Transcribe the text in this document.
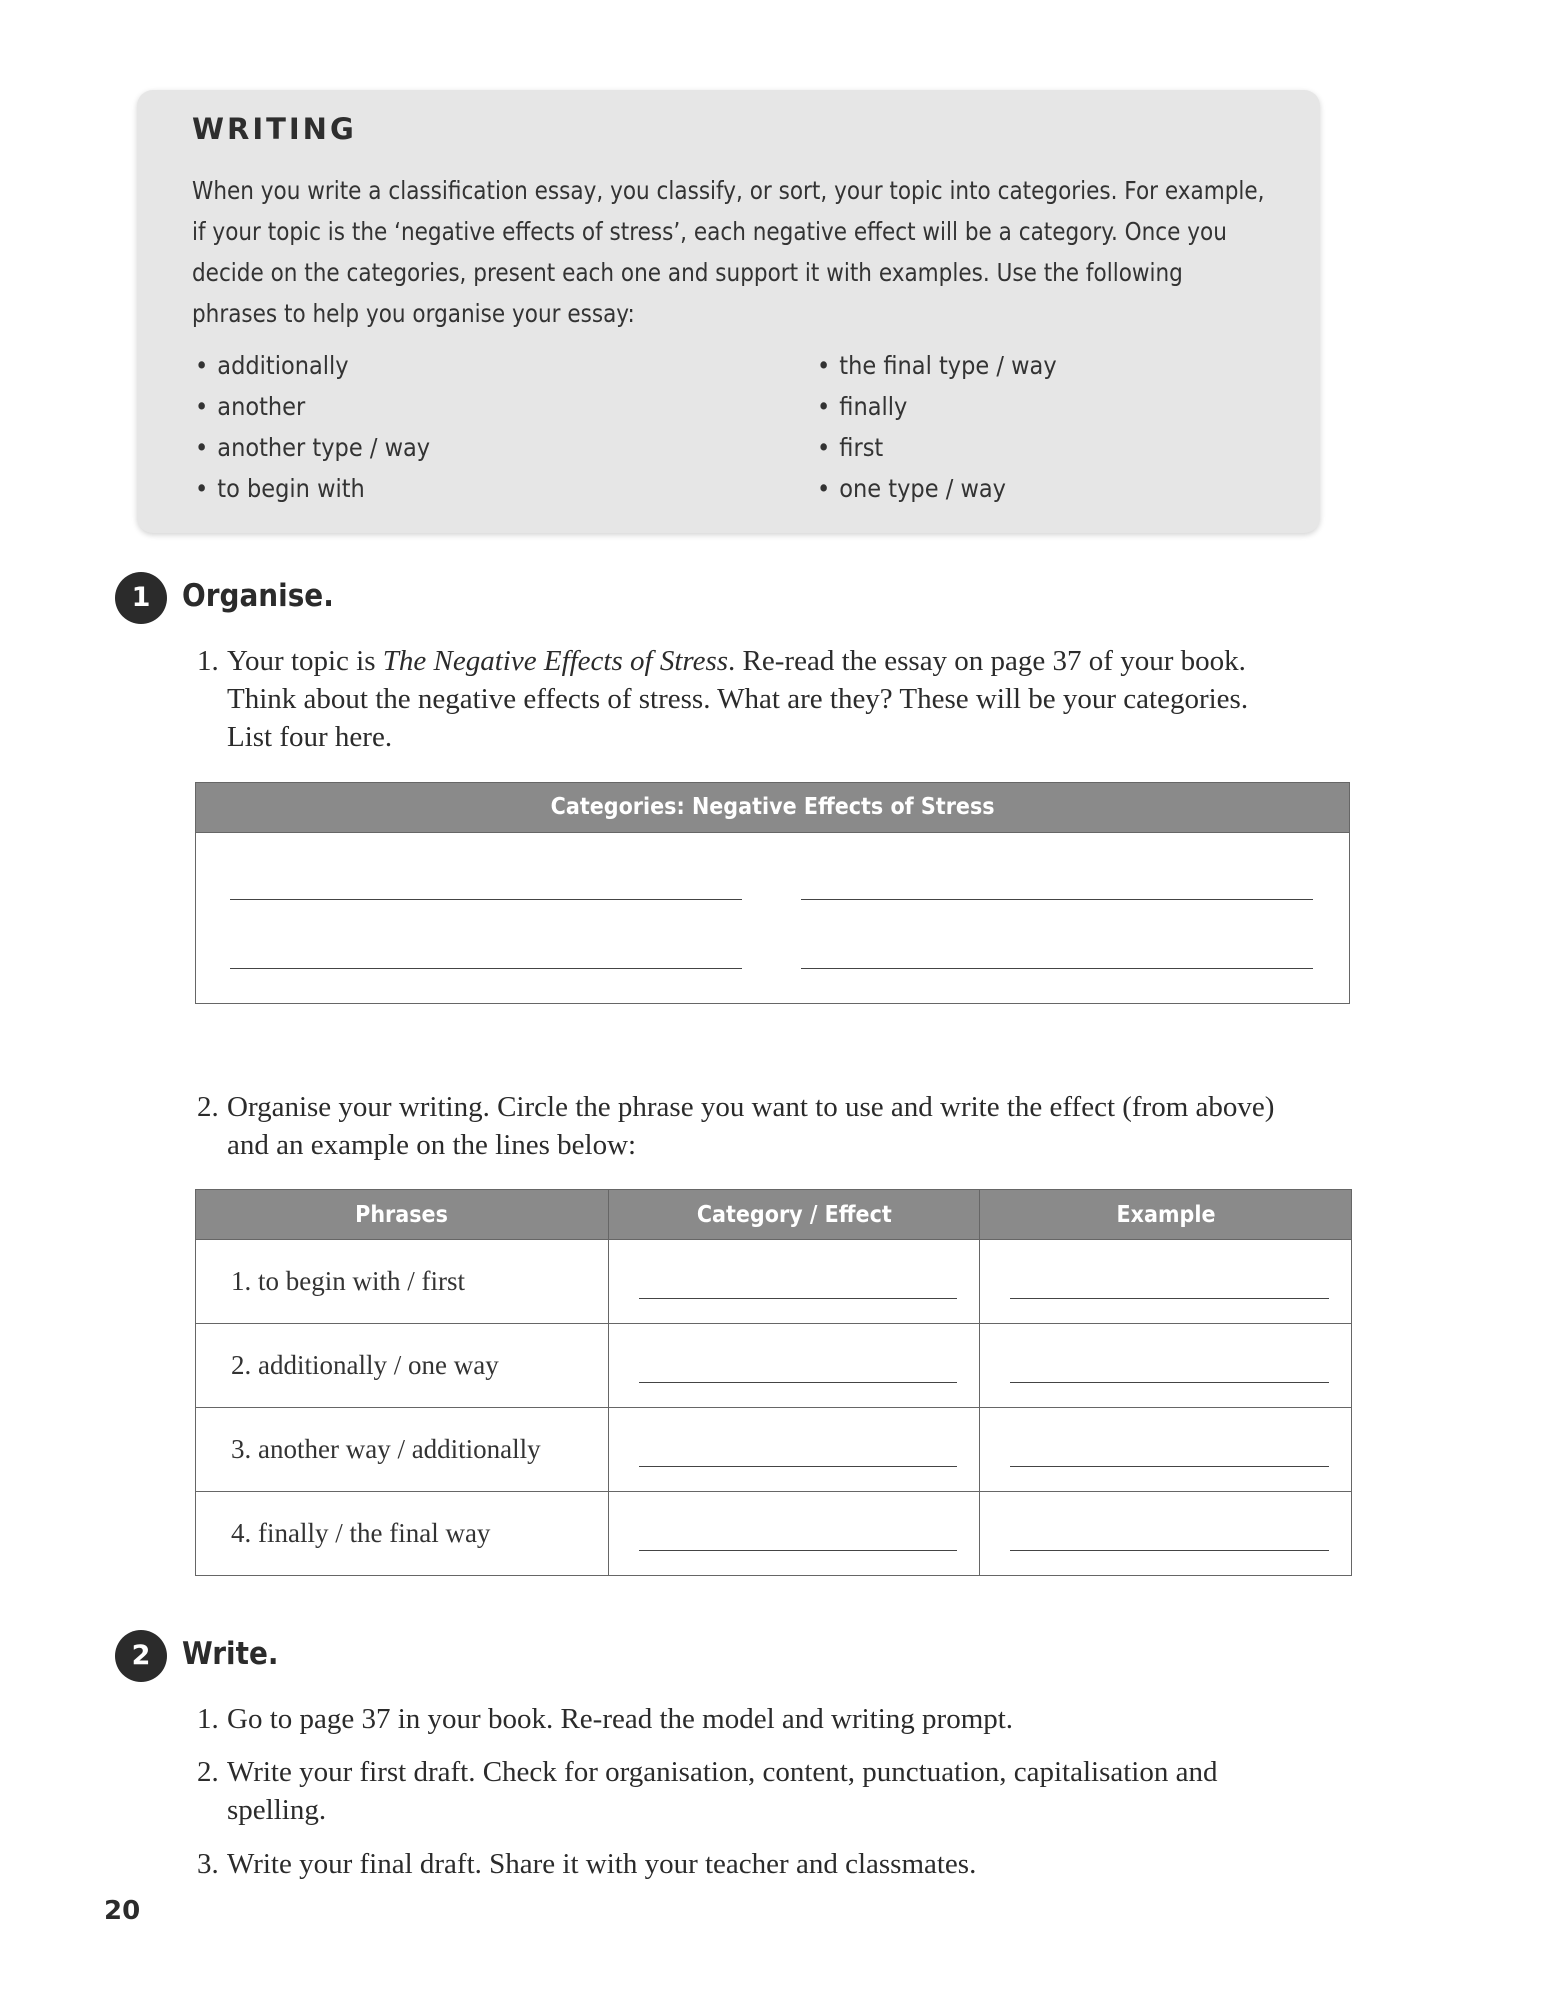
WRITING
When you write a classification essay, you classify, or sort, your topic into categories. For example, if your topic is the ‘negative effects of stress’, each negative effect will be a category. Once you decide on the categories, present each one and support it with examples. Use the following phrases to help you organise your essay:
• additionally
• another
• another type / way
• to begin with
• the final type / way
• finally
• first
• one type / way
1	Organise.
1. Your topic is The Negative Effects of Stress. Re-read the essay on page 37 of your book.
Think about the negative effects of stress. What are they? These will be your categories.
List four here.
Categories: Negative Effects of Stress
2. Organise your writing. Circle the phrase you want to use and write the effect (from above)
and an example on the lines below:
Phrases	Category / Effect	Example
1. to begin with / first	

2. additionally / one way	

3. another way / additionally	

4. finally / the final way	

2	Write.
1. Go to page 37 in your book. Re-read the model and writing prompt.
2. Write your first draft. Check for organisation, content, punctuation, capitalisation and
spelling.
3. Write your final draft. Share it with your teacher and classmates.
20
